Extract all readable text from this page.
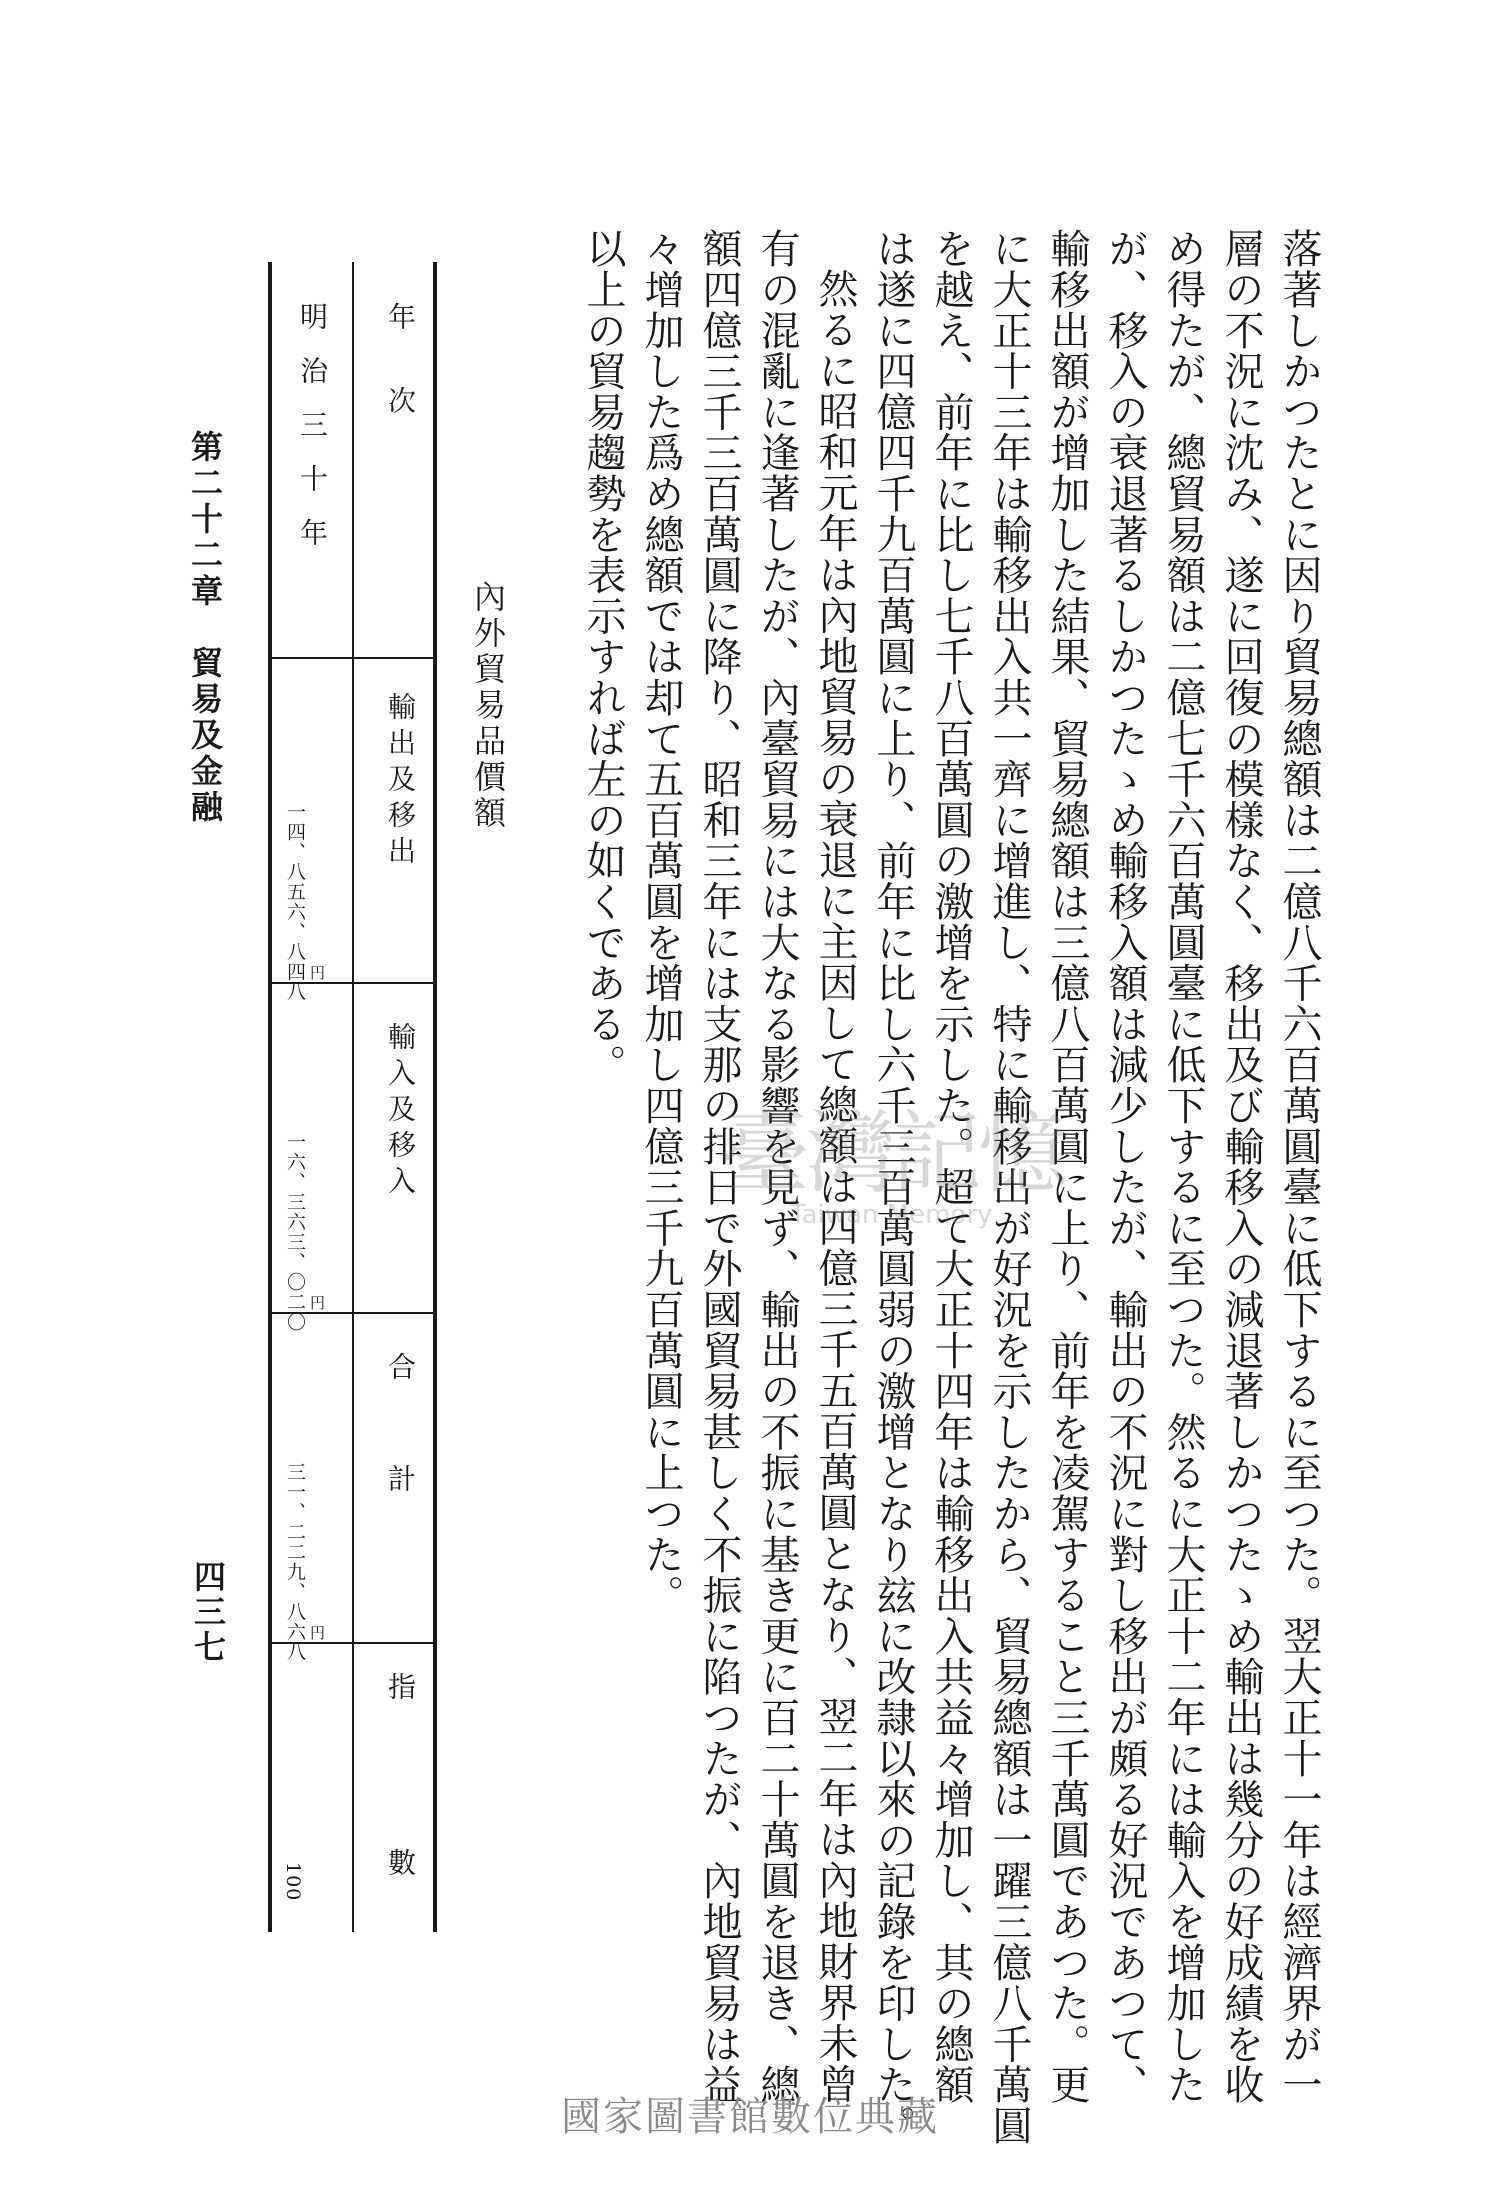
落著しかつたとに因り貿易總額は二億八千六百萬圓臺に低下するに至つた。翌大正十一年は經濟界が一
層の不況に沈み、遂に回復の模樣なく、移出及び輸移入の減退著しかつたゝめ輸出は幾分の好成績を收
め得たが、總貿易額は二億七千六百萬圓臺に低下するに至つた。然るに大正十二年には輸入を增加した
が、移入の衰退著るしかつたゝめ輸移入額は減少したが、輸出の不況に對し移出が頗る好況であつて、
輸移出額が增加した結果、貿易總額は三億八百萬圓に上り、前年を凌駕すること三千萬圓であつた。更
に大正十三年は輸移出入共一齊に增進し、特に輸移出が好況を示したから、貿易總額は一躍三億八千萬圓
を越え、前年に比し七千八百萬圓の激增を示した。超て大正十四年は輸移出入共益々增加し、其の總額
は遂に四億四千九百萬圓に上り、前年に比し六千三百萬圓弱の激增となり玆に改隷以來の記錄を印した。
然るに昭和元年は內地貿易の衰退に主因して總額は四億三千五百萬圓となり、翌二年は內地財界未曾
有の混亂に逢著したが、內臺貿易には大なる影響を見ず、輸出の不振に基き更に百二十萬圓を退き、總
額四億三千三百萬圓に降り、昭和三年には支那の排日で外國貿易甚しく不振に陷つたが、內地貿易は益
々增加した爲め總額では却て五百萬圓を增加し四億三千九百萬圓に上つた。
以上の貿易趨勢を表示すれば左の如くである。
內外貿易品價額
年　次
輸出及移出
輸入及移入
合　計
指　數
明治三十年
円
一四、八五六、八四八
円
一六、三六三、〇二〇
円
三一、二二九、八六八
100
第二十二章　貿易及金融
四三七
臺灣記憶
Taiwan Memory
國家圖書館數位典藏
